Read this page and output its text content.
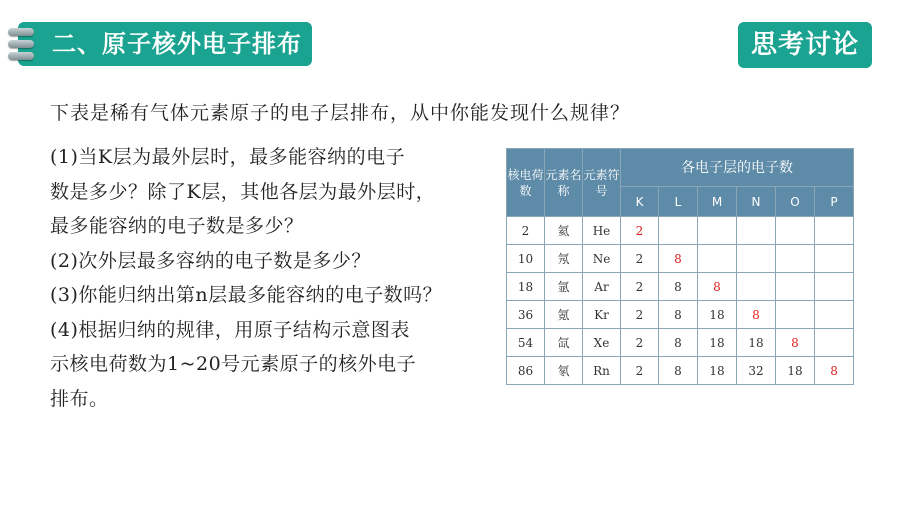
二、原子核外电子排布	思考讨论
下表是稀有气体元素原子的电子层排布，从中你能发现什么规律？

(1)当K层为最外层时，最多能容纳的电子

数是多少？除了K层，其他各层为最外层时，

最多能容纳的电子数是多少？

(2)次外层最多容纳的电子数是多少？

(3)你能归纳出第n层最多能容纳的电子数吗？

(4)根据归纳的规律，用原子结构示意图表

示核电荷数为1~20号元素原子的核外电子

排布。

核电荷数	元素名称	元素符号	各电子层的电子数					
			K	L	M	N	O	P
2	氦	He	2					
10	氖	Ne	2	8				
18	氩	Ar	2	8	8			
36	氪	Kr	2	8	18	8		
54	氙	Xe	2	8	18	18	8	
86	氡	Rn	2	8	18	32	18	8
